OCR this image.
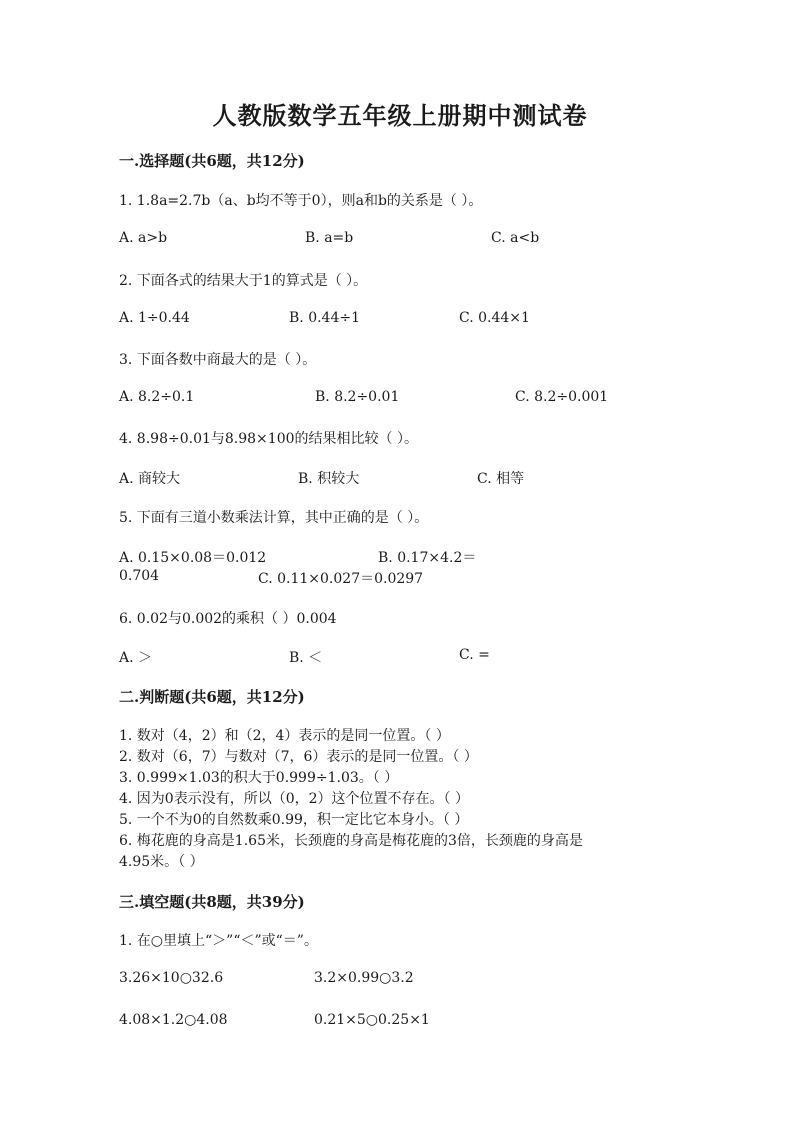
人教版数学五年级上册期中测试卷
一.选择题(共6题，共12分)
1. 1.8a=2.7b（a、b均不等于0），则a和b的关系是（ ）。
A. a>b	B. a=b	C. a<b
2. 下面各式的结果大于1的算式是（ ）。
A. 1÷0.44	B. 0.44÷1	C. 0.44×1
3. 下面各数中商最大的是（ ）。
A. 8.2÷0.1	B. 8.2÷0.01	C. 8.2÷0.001
4. 8.98÷0.01与8.98×100的结果相比较（ ）。
A. 商较大	B. 积较大	C. 相等
5. 下面有三道小数乘法计算，其中正确的是（ ）。
A. 0.15×0.08＝0.012	B. 0.17×4.2＝
0.704	C. 0.11×0.027＝0.0297
6. 0.02与0.002的乘积（ ）0.004
A. ＞	B. ＜	C. =
二.判断题(共6题，共12分)
1. 数对（4，2）和（2，4）表示的是同一位置。（ ）
2. 数对（6，7）与数对（7，6）表示的是同一位置。（ ）
3. 0.999×1.03的积大于0.999÷1.03。（ ）
4. 因为0表示没有，所以（0，2）这个位置不存在。（ ）
5. 一个不为0的自然数乘0.99，积一定比它本身小。（ ）
6. 梅花鹿的身高是1.65米，长颈鹿的身高是梅花鹿的3倍，长颈鹿的身高是
4.95米。（ ）
三.填空题(共8题，共39分)
1. 在○里填上“＞”“＜”或“＝”。
3.26×10○32.6	3.2×0.99○3.2
4.08×1.2○4.08	0.21×5○0.25×1
